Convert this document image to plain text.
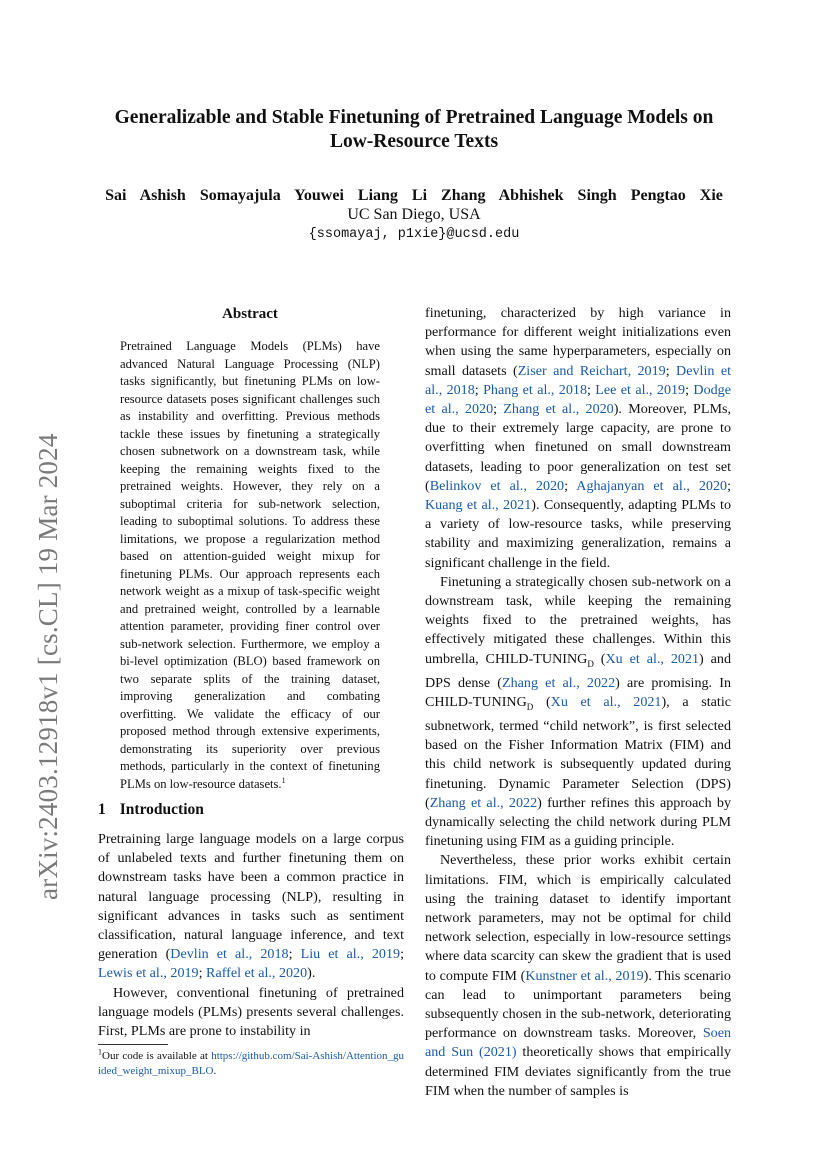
arXiv:2403.12918v1 [cs.CL] 19 Mar 2024
Generalizable and Stable Finetuning of Pretrained Language Models on
Low-Resource Texts
Sai Ashish Somayajula Youwei Liang Li Zhang Abhishek Singh Pengtao Xie
UC San Diego, USA
{ssomayaj, p1xie}@ucsd.edu
Abstract
Pretrained Language Models (PLMs) have advanced Natural Language Processing (NLP) tasks significantly, but finetuning PLMs on low-resource datasets poses significant challenges such as instability and overfitting. Previous methods tackle these issues by finetuning a strategically chosen subnetwork on a downstream task, while keeping the remaining weights fixed to the pretrained weights. However, they rely on a suboptimal criteria for sub-network selection, leading to suboptimal solutions. To address these limitations, we propose a regularization method based on attention-guided weight mixup for finetuning PLMs. Our approach represents each network weight as a mixup of task-specific weight and pretrained weight, controlled by a learnable attention parameter, providing finer control over sub-network selection. Furthermore, we employ a bi-level optimization (BLO) based framework on two separate splits of the training dataset, improving generalization and combating overfitting. We validate the efficacy of our proposed method through extensive experiments, demonstrating its superiority over previous methods, particularly in the context of finetuning PLMs on low-resource datasets.$^1$
1 Introduction

Pretraining large language models on a large corpus of unlabeled texts and further finetuning them on downstream tasks have been a common practice in natural language processing (NLP), resulting in significant advances in tasks such as sentiment classification, natural language inference, and text generation (Devlin et al., 2018; Liu et al., 2019; Lewis et al., 2019; Raffel et al., 2020).

However, conventional finetuning of pretrained language models (PLMs) presents several challenges. First, PLMs are prone to instability in

$^1$Our code is available at https://github.com/Sai-Ashish/Attention_guided_weight_mixup_BLO.

finetuning, characterized by high variance in performance for different weight initializations even when using the same hyperparameters, especially on small datasets (Ziser and Reichart, 2019; Devlin et al., 2018; Phang et al., 2018; Lee et al., 2019; Dodge et al., 2020; Zhang et al., 2020). Moreover, PLMs, due to their extremely large capacity, are prone to overfitting when finetuned on small downstream datasets, leading to poor generalization on test set (Belinkov et al., 2020; Aghajanyan et al., 2020; Kuang et al., 2021). Consequently, adapting PLMs to a variety of low-resource tasks, while preserving stability and maximizing generalization, remains a significant challenge in the field.

Finetuning a strategically chosen sub-network on a downstream task, while keeping the remaining weights fixed to the pretrained weights, has effectively mitigated these challenges. Within this umbrella, CHILD-$TUNING_D$ (Xu et al., 2021) and DPS dense (Zhang et al., 2022) are promising. In CHILD-$TUNING_D$ (Xu et al., 2021), a static subnetwork, termed “child network”, is first selected based on the Fisher Information Matrix (FIM) and this child network is subsequently updated during finetuning. Dynamic Parameter Selection (DPS) (Zhang et al., 2022) further refines this approach by dynamically selecting the child network during PLM finetuning using FIM as a guiding principle.

Nevertheless, these prior works exhibit certain limitations. FIM, which is empirically calculated using the training dataset to identify important network parameters, may not be optimal for child network selection, especially in low-resource settings where data scarcity can skew the gradient that is used to compute FIM (Kunstner et al., 2019). This scenario can lead to unimportant parameters being subsequently chosen in the sub-network, deteriorating performance on downstream tasks. Moreover, Soen and Sun (2021) theoretically shows that empirically determined FIM deviates significantly from the true FIM when the number of samples is
